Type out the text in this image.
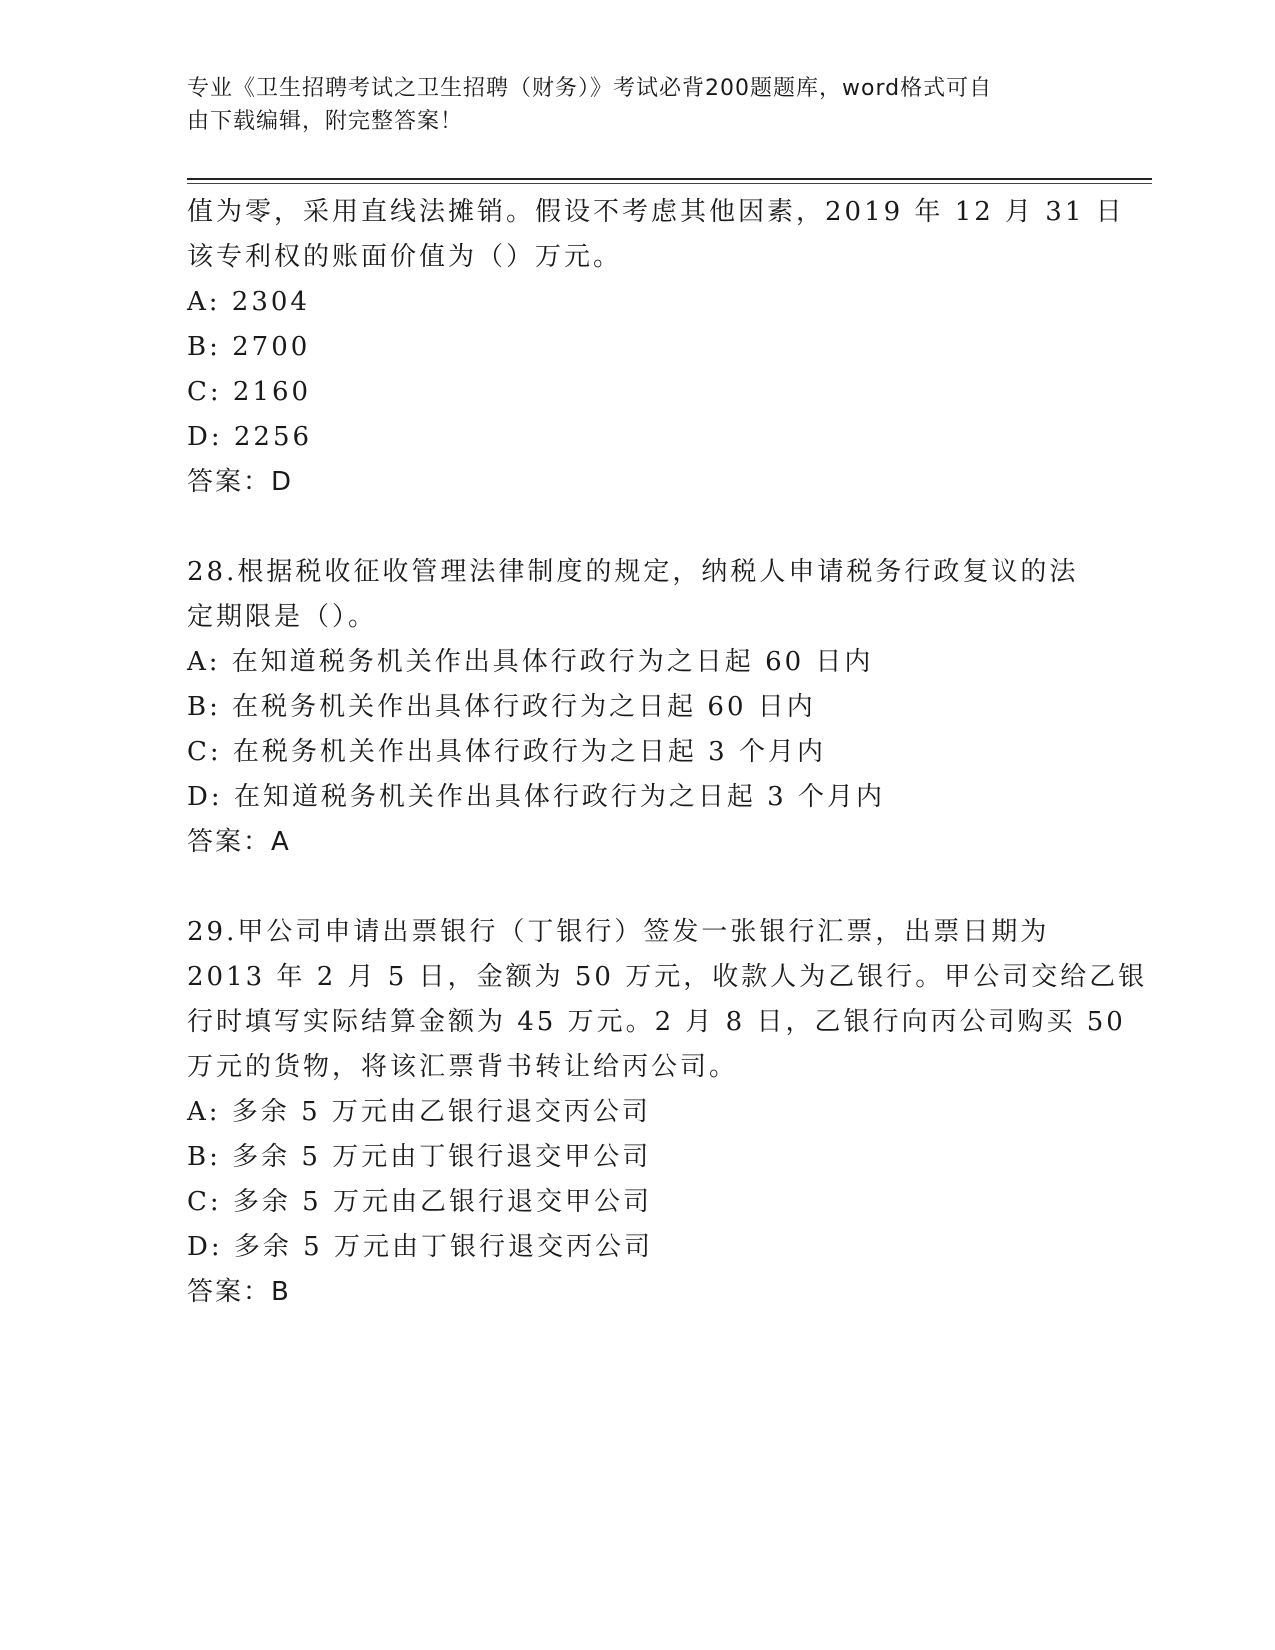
专业《卫生招聘考试之卫生招聘（财务）》考试必背200题题库，word格式可自
由下载编辑，附完整答案！
值为零，采用直线法摊销。假设不考虑其他因素，2019 年 12 月 31 日
该专利权的账面价值为（）万元。
A: 2304
B: 2700
C: 2160
D: 2256
答案：D
28.根据税收征收管理法律制度的规定，纳税人申请税务行政复议的法
定期限是（）。
A: 在知道税务机关作出具体行政行为之日起 60 日内
B: 在税务机关作出具体行政行为之日起 60 日内
C: 在税务机关作出具体行政行为之日起 3 个月内
D: 在知道税务机关作出具体行政行为之日起 3 个月内
答案：A
29.甲公司申请出票银行（丁银行）签发一张银行汇票，出票日期为
2013 年 2 月 5 日，金额为 50 万元，收款人为乙银行。甲公司交给乙银
行时填写实际结算金额为 45 万元。2 月 8 日，乙银行向丙公司购买 50
万元的货物，将该汇票背书转让给丙公司。
A: 多余 5 万元由乙银行退交丙公司
B: 多余 5 万元由丁银行退交甲公司
C: 多余 5 万元由乙银行退交甲公司
D: 多余 5 万元由丁银行退交丙公司
答案：B
